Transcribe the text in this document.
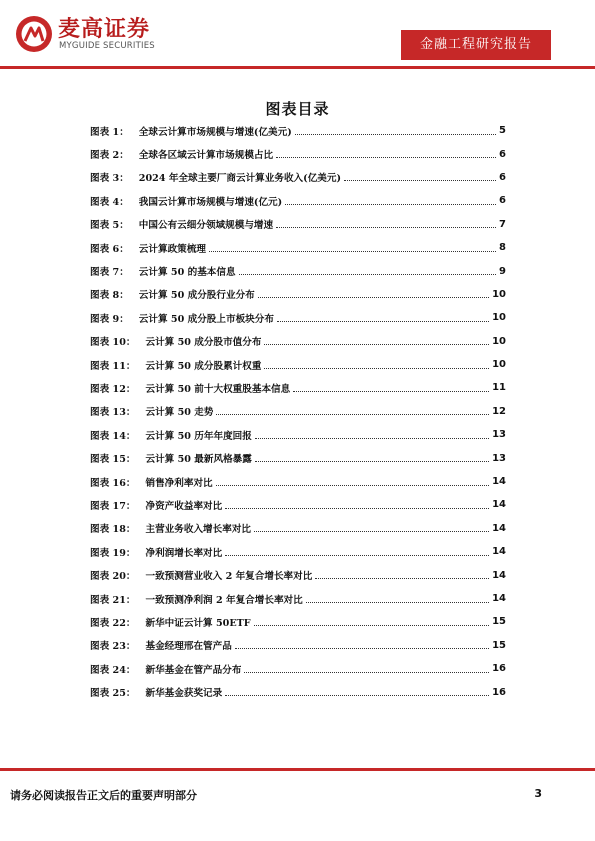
麦高证券
MYGUIDE SECURITIES	金融工程研究报告
图表目录
图表 1： 全球云计算市场规模与增速(亿美元)	5
图表 2： 全球各区域云计算市场规模占比	6
图表 3： 2024 年全球主要厂商云计算业务收入(亿美元)	6
图表 4： 我国云计算市场规模与增速(亿元)	6
图表 5： 中国公有云细分领域规模与增速	7
图表 6： 云计算政策梳理	8
图表 7： 云计算 50 的基本信息	9
图表 8： 云计算 50 成分股行业分布	10
图表 9： 云计算 50 成分股上市板块分布	10
图表 10： 云计算 50 成分股市值分布	10
图表 11： 云计算 50 成分股累计权重	10
图表 12： 云计算 50 前十大权重股基本信息	11
图表 13： 云计算 50 走势	12
图表 14： 云计算 50 历年年度回报	13
图表 15： 云计算 50 最新风格暴露	13
图表 16： 销售净利率对比	14
图表 17： 净资产收益率对比	14
图表 18： 主营业务收入增长率对比	14
图表 19： 净利润增长率对比	14
图表 20： 一致预测营业收入 2 年复合增长率对比	14
图表 21： 一致预测净利润 2 年复合增长率对比	14
图表 22： 新华中证云计算 50ETF	15
图表 23： 基金经理邢在管产品	15
图表 24： 新华基金在管产品分布	16
图表 25： 新华基金获奖记录	16
请务必阅读报告正文后的重要声明部分	3
